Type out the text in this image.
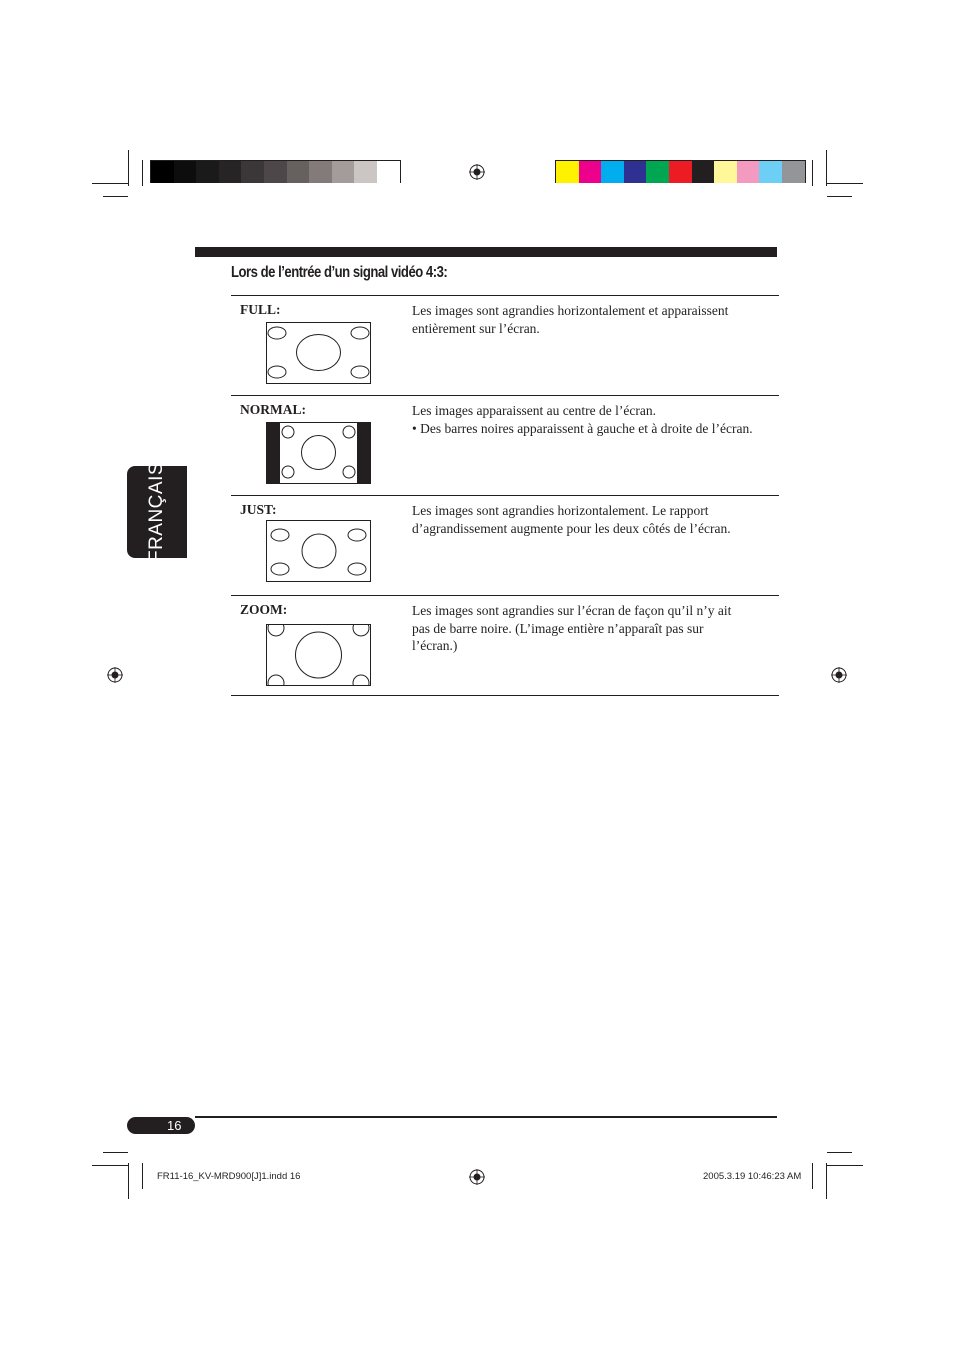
Lors de l’entrée d’un signal vidéo 4:3:
FRANÇAIS
FULL:	Les images sont agrandies horizontalement et apparaissent entièrement sur l’écran.
NORMAL:	Les images apparaissent au centre de l’écran.
• Des barres noires apparaissent à gauche et à droite de l’écran.
JUST:	Les images sont agrandies horizontalement. Le rapport d’agrandissement augmente pour les deux côtés de l’écran.
ZOOM:	Les images sont agrandies sur l’écran de façon qu’il n’y ait pas de barre noire. (L’image entière n’apparaît pas sur l’écran.)
16
FR11-16_KV-MRD900[J]1.indd 16	2005.3.19 10:46:23 AM
